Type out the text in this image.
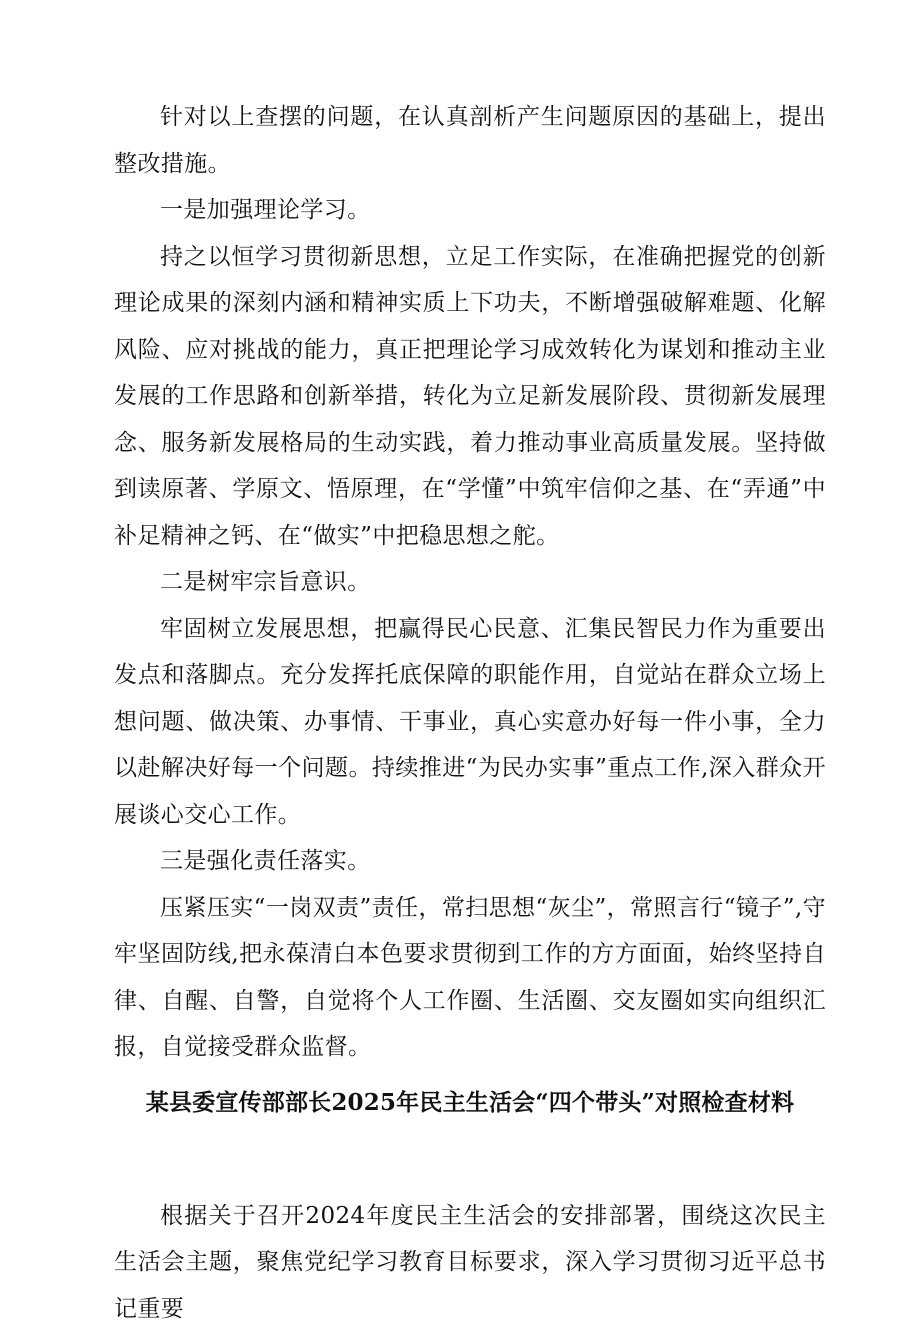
针对以上查摆的问题，在认真剖析产生问题原因的基础上，提出整改措施。

一是加强理论学习。

持之以恒学习贯彻新思想，立足工作实际，在准确把握党的创新理论成果的深刻内涵和精神实质上下功夫，不断增强破解难题、化解风险、应对挑战的能力，真正把理论学习成效转化为谋划和推动主业发展的工作思路和创新举措，转化为立足新发展阶段、贯彻新发展理念、服务新发展格局的生动实践，着力推动事业高质量发展。坚持做到读原著、学原文、悟原理，在“学懂”中筑牢信仰之基、在“弄通”中补足精神之钙、在“做实”中把稳思想之舵。

二是树牢宗旨意识。

牢固树立发展思想，把赢得民心民意、汇集民智民力作为重要出发点和落脚点。充分发挥托底保障的职能作用，自觉站在群众立场上想问题、做决策、办事情、干事业，真心实意办好每一件小事，全力以赴解决好每一个问题。持续推进“为民办实事”重点工作,深入群众开展谈心交心工作。

三是强化责任落实。

压紧压实“一岗双责”责任，常扫思想“灰尘”，常照言行“镜子”,守牢坚固防线,把永葆清白本色要求贯彻到工作的方方面面，始终坚持自律、自醒、自警，自觉将个人工作圈、生活圈、交友圈如实向组织汇报，自觉接受群众监督。

某县委宣传部部长2025年民主生活会“四个带头”对照检查材料

根据关于召开2024年度民主生活会的安排部署，围绕这次民主生活会主题，聚焦党纪学习教育目标要求，深入学习贯彻习近平总书记重要
